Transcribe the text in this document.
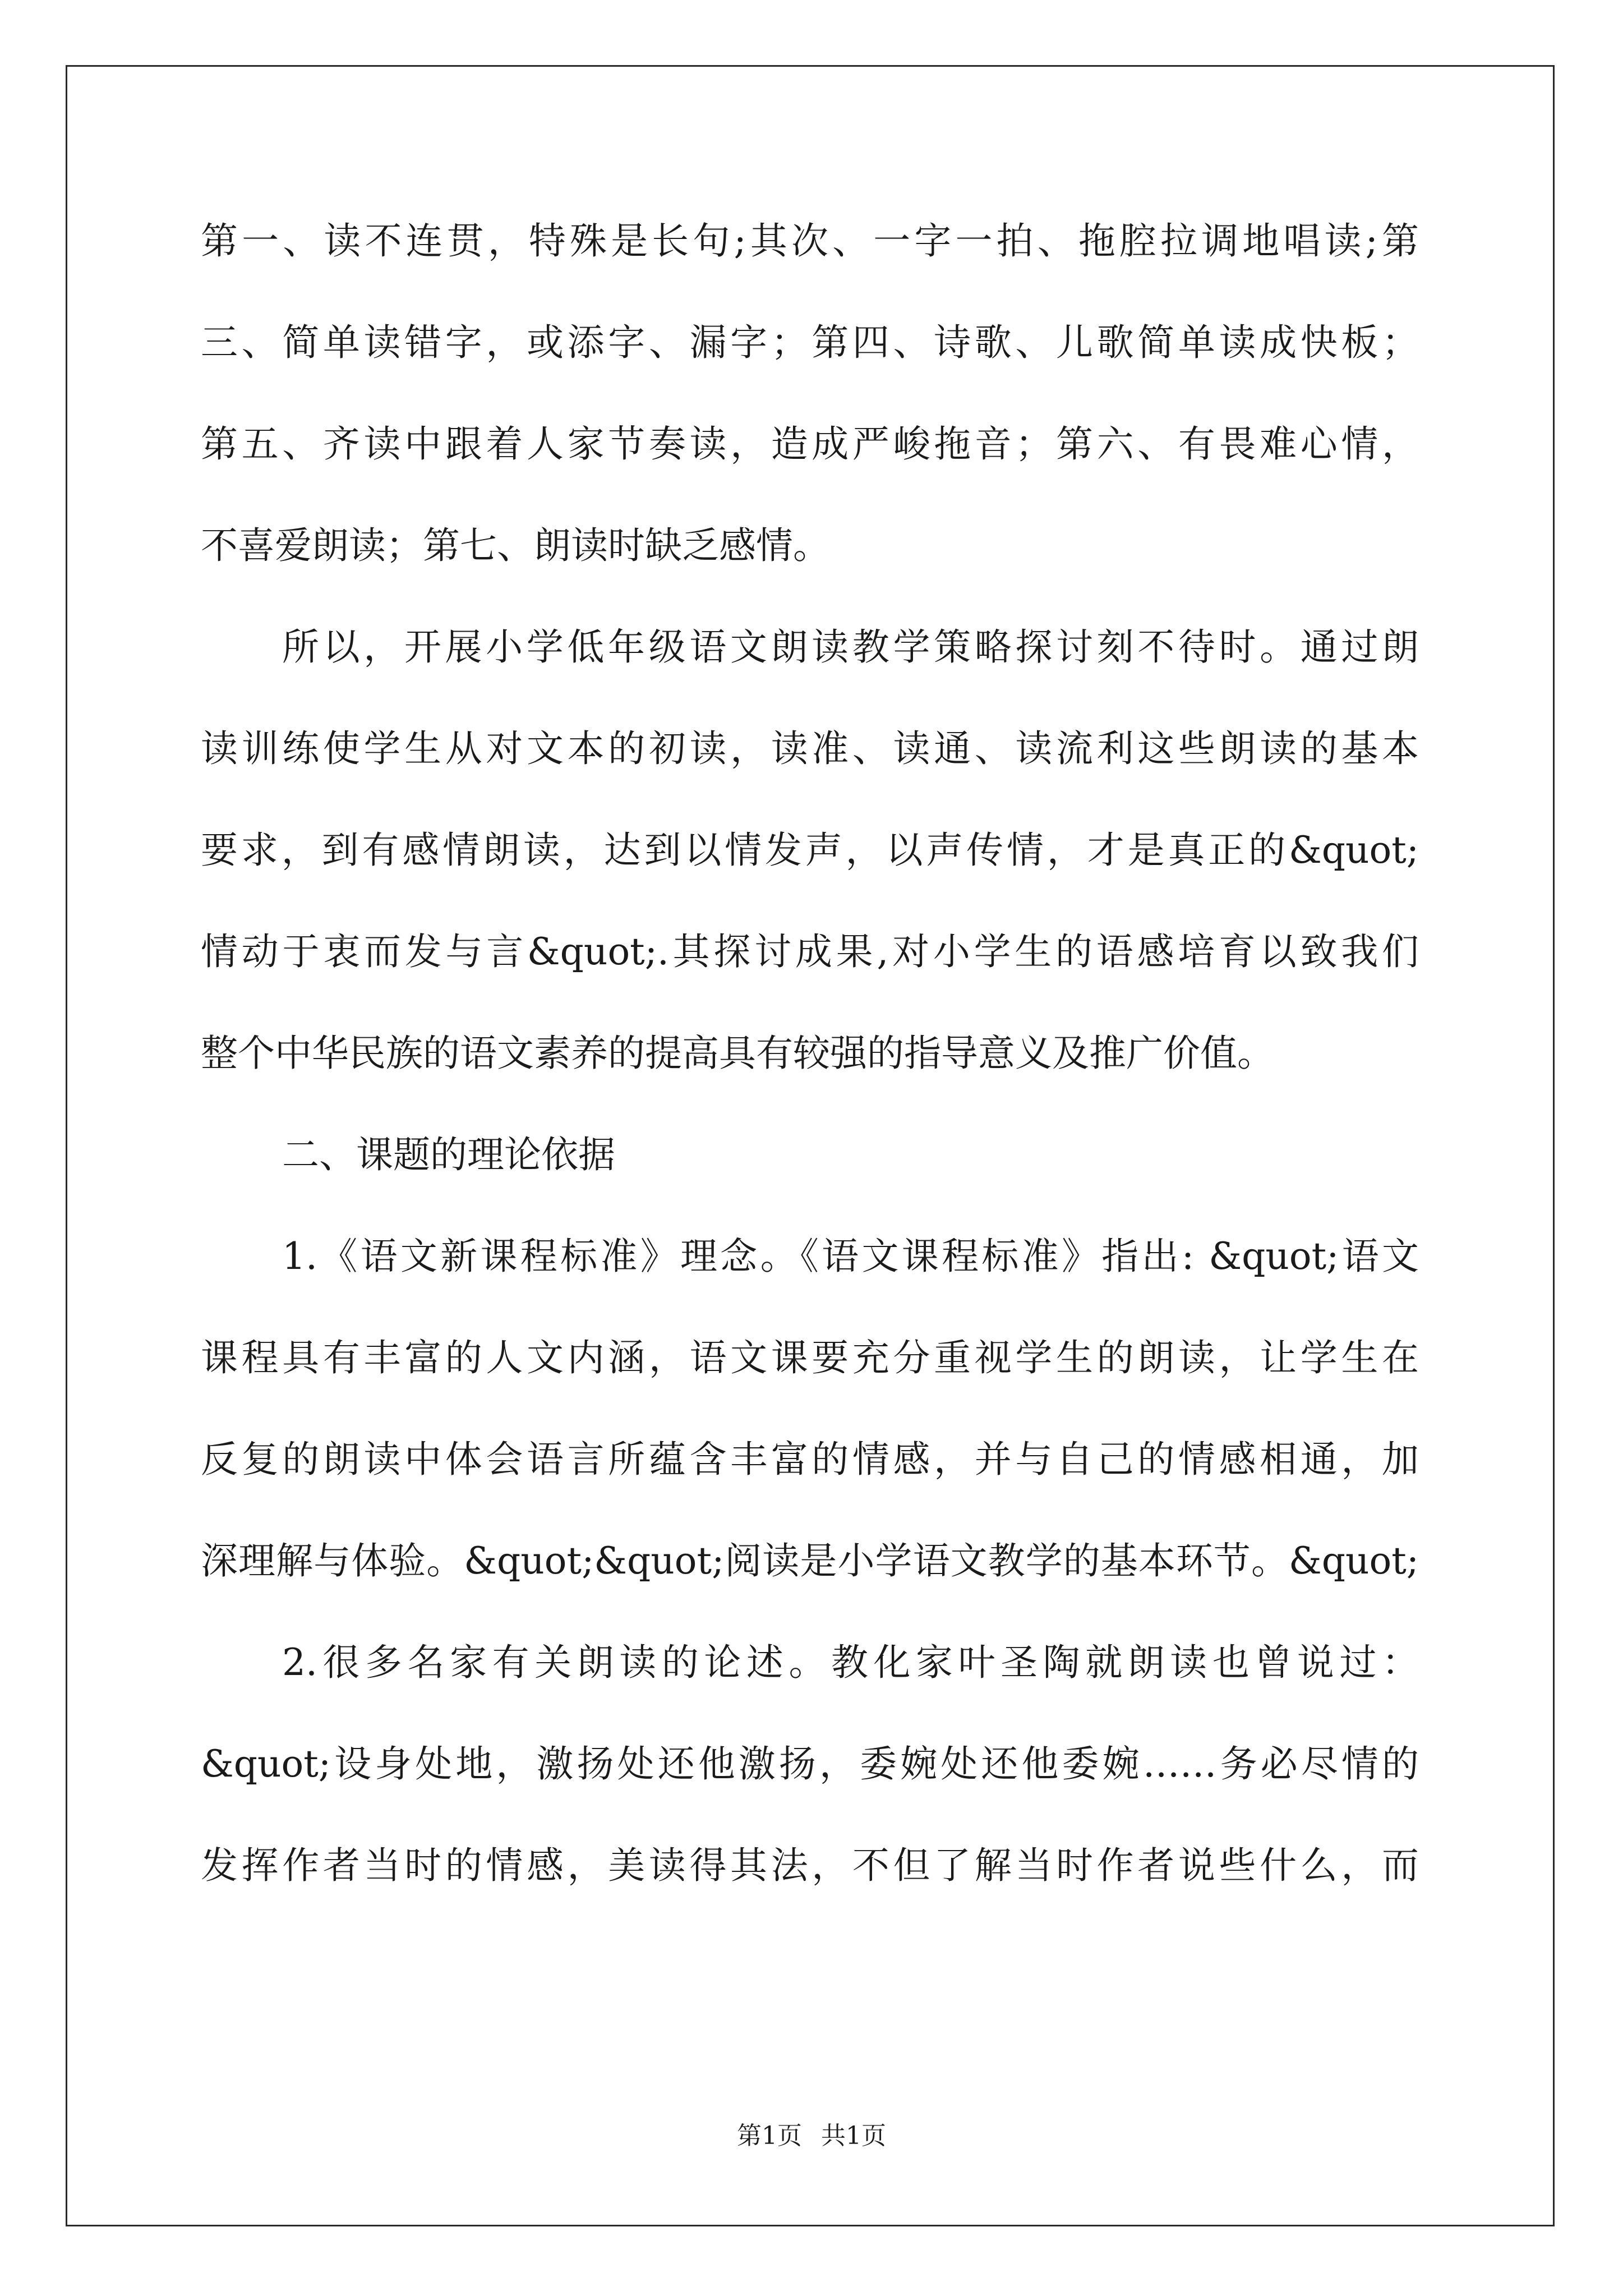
第一、读不连贯，特殊是长句;其次、一字一拍、拖腔拉调地唱读;第
三、简单读错字，或添字、漏字；第四、诗歌、儿歌简单读成快板；
第五、齐读中跟着人家节奏读，造成严峻拖音；第六、有畏难心情，
不喜爱朗读；第七、朗读时缺乏感情。
所以，开展小学低年级语文朗读教学策略探讨刻不待时。通过朗
读训练使学生从对文本的初读，读准、读通、读流利这些朗读的基本
要求，到有感情朗读，达到以情发声，以声传情，才是真正的&quot;
情动于衷而发与言&quot;.其探讨成果,对小学生的语感培育以致我们
整个中华民族的语文素养的提高具有较强的指导意义及推广价值。
二、课题的理论依据
1.《语文新课程标准》理念。《语文课程标准》指出: &quot;语文
课程具有丰富的人文内涵，语文课要充分重视学生的朗读，让学生在
反复的朗读中体会语言所蕴含丰富的情感，并与自己的情感相通，加
深理解与体验。&quot;&quot;阅读是小学语文教学的基本环节。&quot;
2.很多名家有关朗读的论述。教化家叶圣陶就朗读也曾说过：
&quot;设身处地，激扬处还他激扬，委婉处还他委婉……务必尽情的
发挥作者当时的情感，美读得其法，不但了解当时作者说些什么，而
第1页 共1页
